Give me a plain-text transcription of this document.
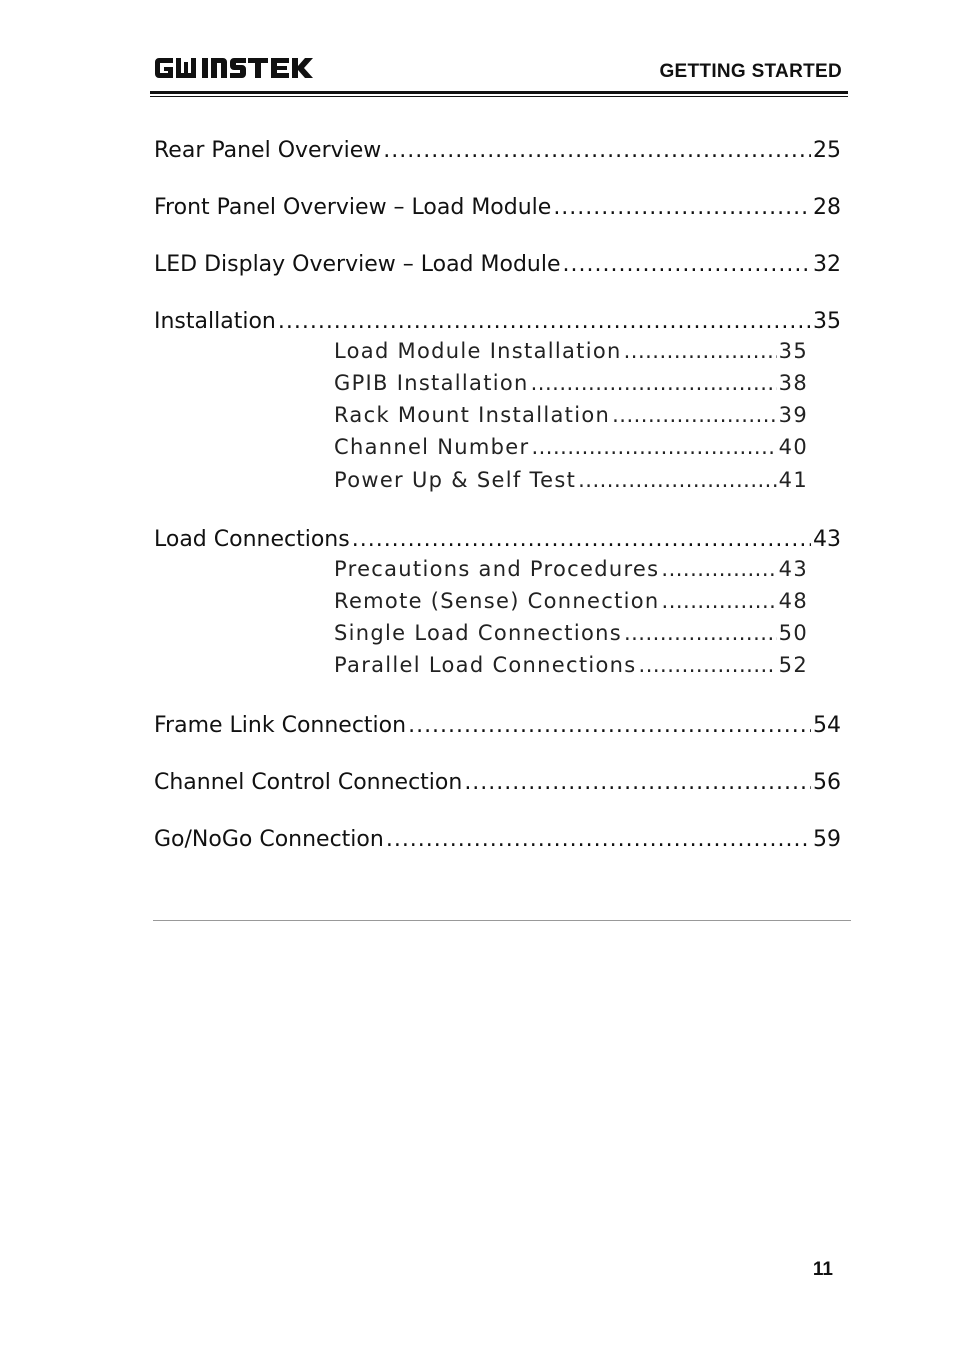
GETTING STARTED
Rear Panel Overview .....	25
Front Panel Overview – Load Module .....	28
LED Display Overview – Load Module .....	32
Installation .....	35
Load Module Installation .....	35
GPIB Installation .....	38
Rack Mount Installation .....	39
Channel Number .....	40
Power Up & Self Test .....	41
Load Connections .....	43
Precautions and Procedures .....	43
Remote (Sense) Connection .....	48
Single Load Connections .....	50
Parallel Load Connections .....	52
Frame Link Connection .....	54
Channel Control Connection .....	56
Go/NoGo Connection .....	59
11
